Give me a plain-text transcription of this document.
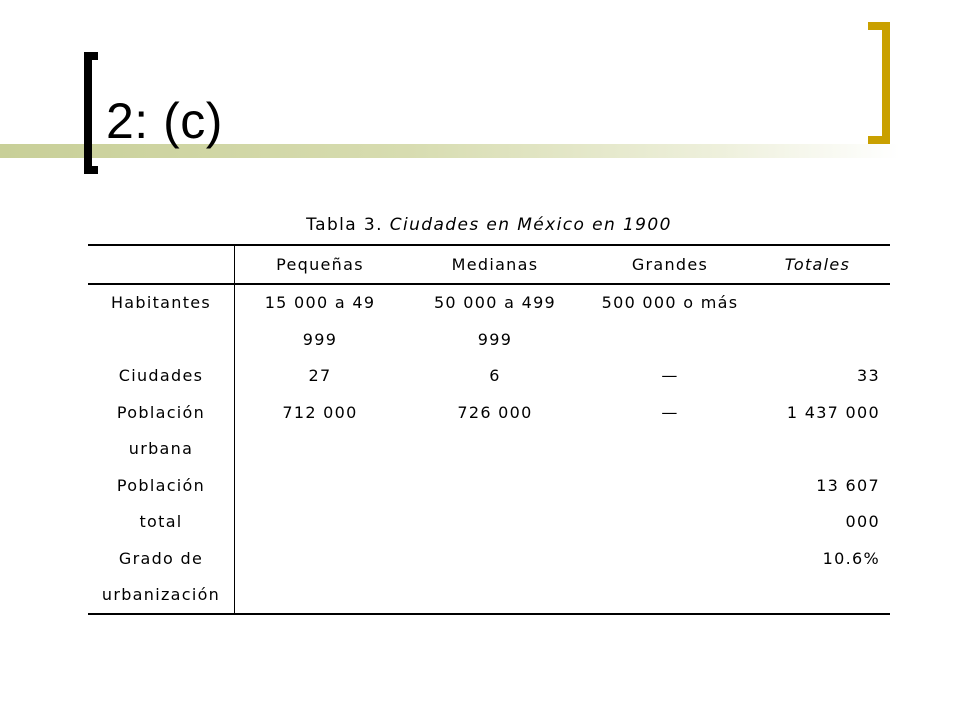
2: (c)
Tabla 3. Ciudades en México en 1900
	Pequeñas	Medianas	Grandes	Totales
Habitantes	15 000 a 49	50 000 a 499	500 000 o más	
	999	999		
Ciudades	27	6	—	33
Población	712 000	726 000	—	1 437 000
urbana				
Población				13 607
total				000
Grado de				10.6%
urbanización				
